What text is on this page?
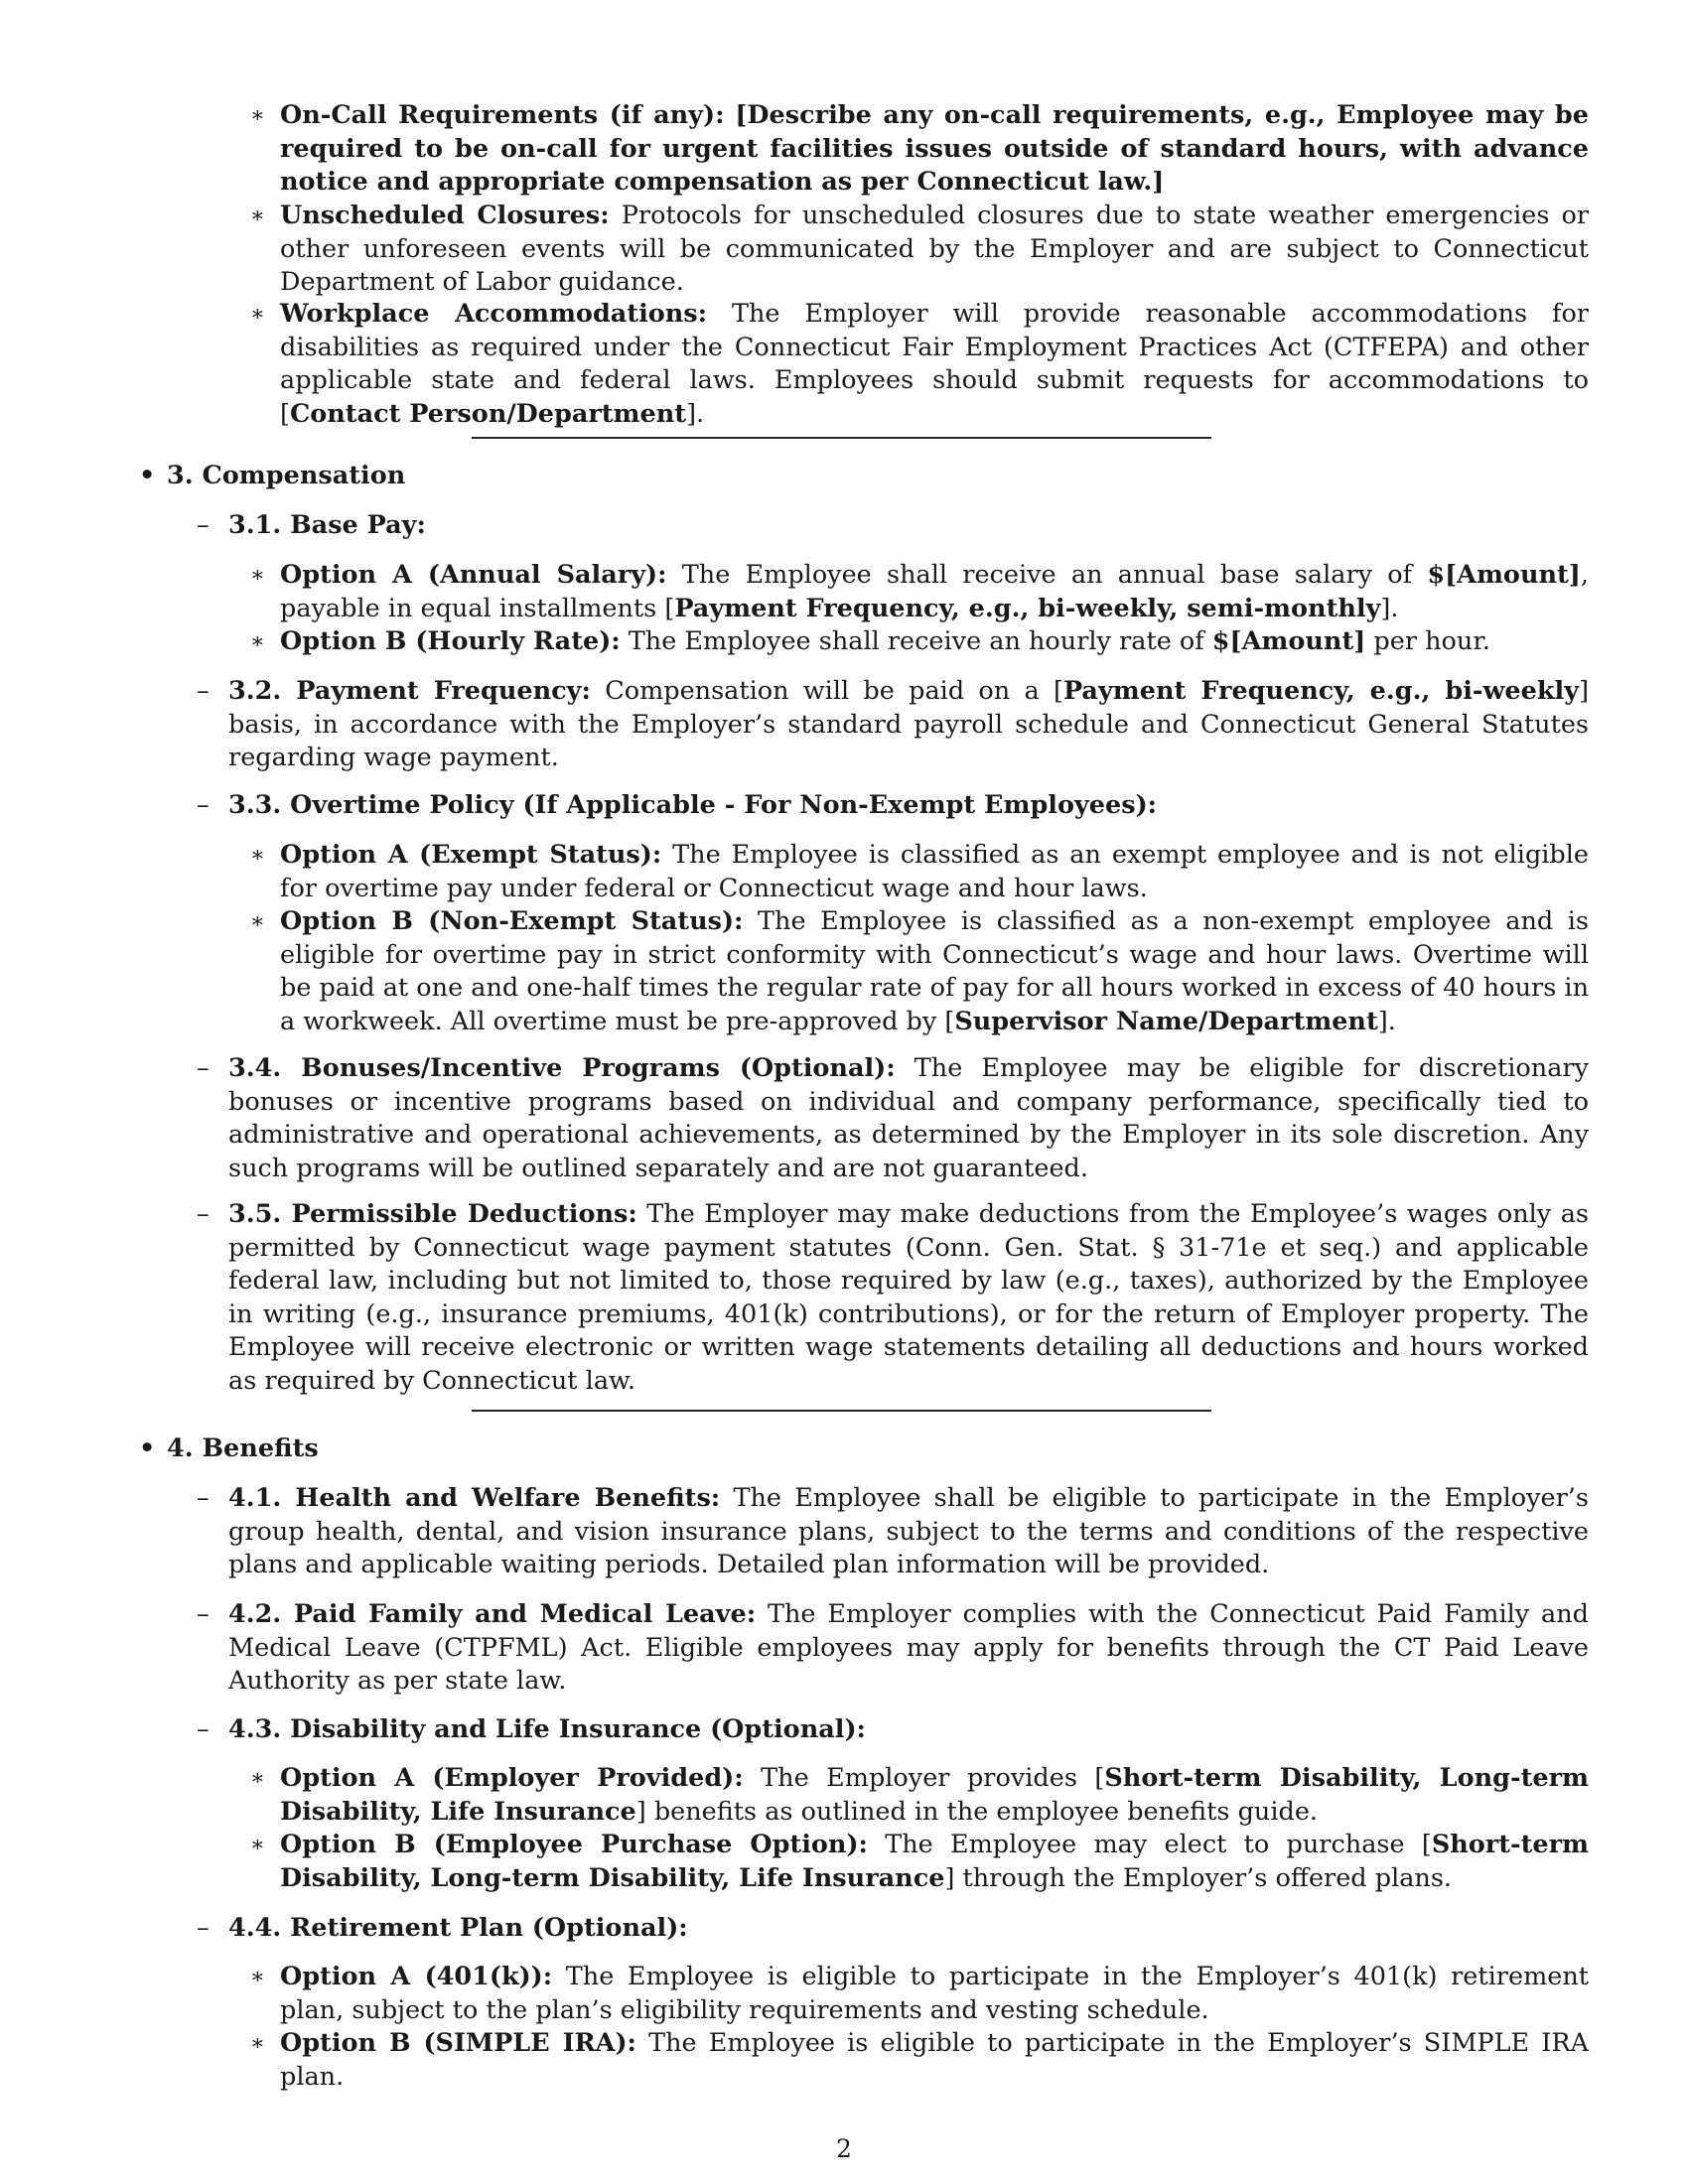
∗ On-Call Requirements (if any): [Describe any on-call requirements, e.g., Employee may be required to be on-call for urgent facilities issues outside of standard hours, with advance notice and appropriate compensation as per Connecticut law.]
∗ Unscheduled Closures: Protocols for unscheduled closures due to state weather emergencies or other unforeseen events will be communicated by the Employer and are subject to Connecticut Department of Labor guidance.
∗ Workplace Accommodations: The Employer will provide reasonable accommodations for disabilities as required under the Connecticut Fair Employment Practices Act (CTFEPA) and other applicable state and federal laws. Employees should submit requests for accommodations to [Contact Person/Department].
• 3. Compensation
– 3.1. Base Pay:
∗ Option A (Annual Salary): The Employee shall receive an annual base salary of $[Amount], payable in equal installments [Payment Frequency, e.g., bi-weekly, semi-monthly].
∗ Option B (Hourly Rate): The Employee shall receive an hourly rate of $[Amount] per hour.
– 3.2. Payment Frequency: Compensation will be paid on a [Payment Frequency, e.g., bi-weekly] basis, in accordance with the Employer’s standard payroll schedule and Connecticut General Statutes regarding wage payment.
– 3.3. Overtime Policy (If Applicable - For Non-Exempt Employees):
∗ Option A (Exempt Status): The Employee is classified as an exempt employee and is not eligible for overtime pay under federal or Connecticut wage and hour laws.
∗ Option B (Non-Exempt Status): The Employee is classified as a non-exempt employee and is eligible for overtime pay in strict conformity with Connecticut’s wage and hour laws. Overtime will be paid at one and one-half times the regular rate of pay for all hours worked in excess of 40 hours in a workweek. All overtime must be pre-approved by [Supervisor Name/Department].
– 3.4. Bonuses/Incentive Programs (Optional): The Employee may be eligible for discretionary bonuses or incentive programs based on individual and company performance, specifically tied to administrative and operational achievements, as determined by the Employer in its sole discretion. Any such programs will be outlined separately and are not guaranteed.
– 3.5. Permissible Deductions: The Employer may make deductions from the Employee’s wages only as permitted by Connecticut wage payment statutes (Conn. Gen. Stat. § 31-71e et seq.) and applicable federal law, including but not limited to, those required by law (e.g., taxes), authorized by the Employee in writing (e.g., insurance premiums, 401(k) contributions), or for the return of Employer property. The Employee will receive electronic or written wage statements detailing all deductions and hours worked as required by Connecticut law.
• 4. Benefits
– 4.1. Health and Welfare Benefits: The Employee shall be eligible to participate in the Employer’s group health, dental, and vision insurance plans, subject to the terms and conditions of the respective plans and applicable waiting periods. Detailed plan information will be provided.
– 4.2. Paid Family and Medical Leave: The Employer complies with the Connecticut Paid Family and Medical Leave (CTPFML) Act. Eligible employees may apply for benefits through the CT Paid Leave Authority as per state law.
– 4.3. Disability and Life Insurance (Optional):
∗ Option A (Employer Provided): The Employer provides [Short-term Disability, Long-term Disability, Life Insurance] benefits as outlined in the employee benefits guide.
∗ Option B (Employee Purchase Option): The Employee may elect to purchase [Short-term Disability, Long-term Disability, Life Insurance] through the Employer’s offered plans.
– 4.4. Retirement Plan (Optional):
∗ Option A (401(k)): The Employee is eligible to participate in the Employer’s 401(k) retirement plan, subject to the plan’s eligibility requirements and vesting schedule.
∗ Option B (SIMPLE IRA): The Employee is eligible to participate in the Employer’s SIMPLE IRA plan.
2
